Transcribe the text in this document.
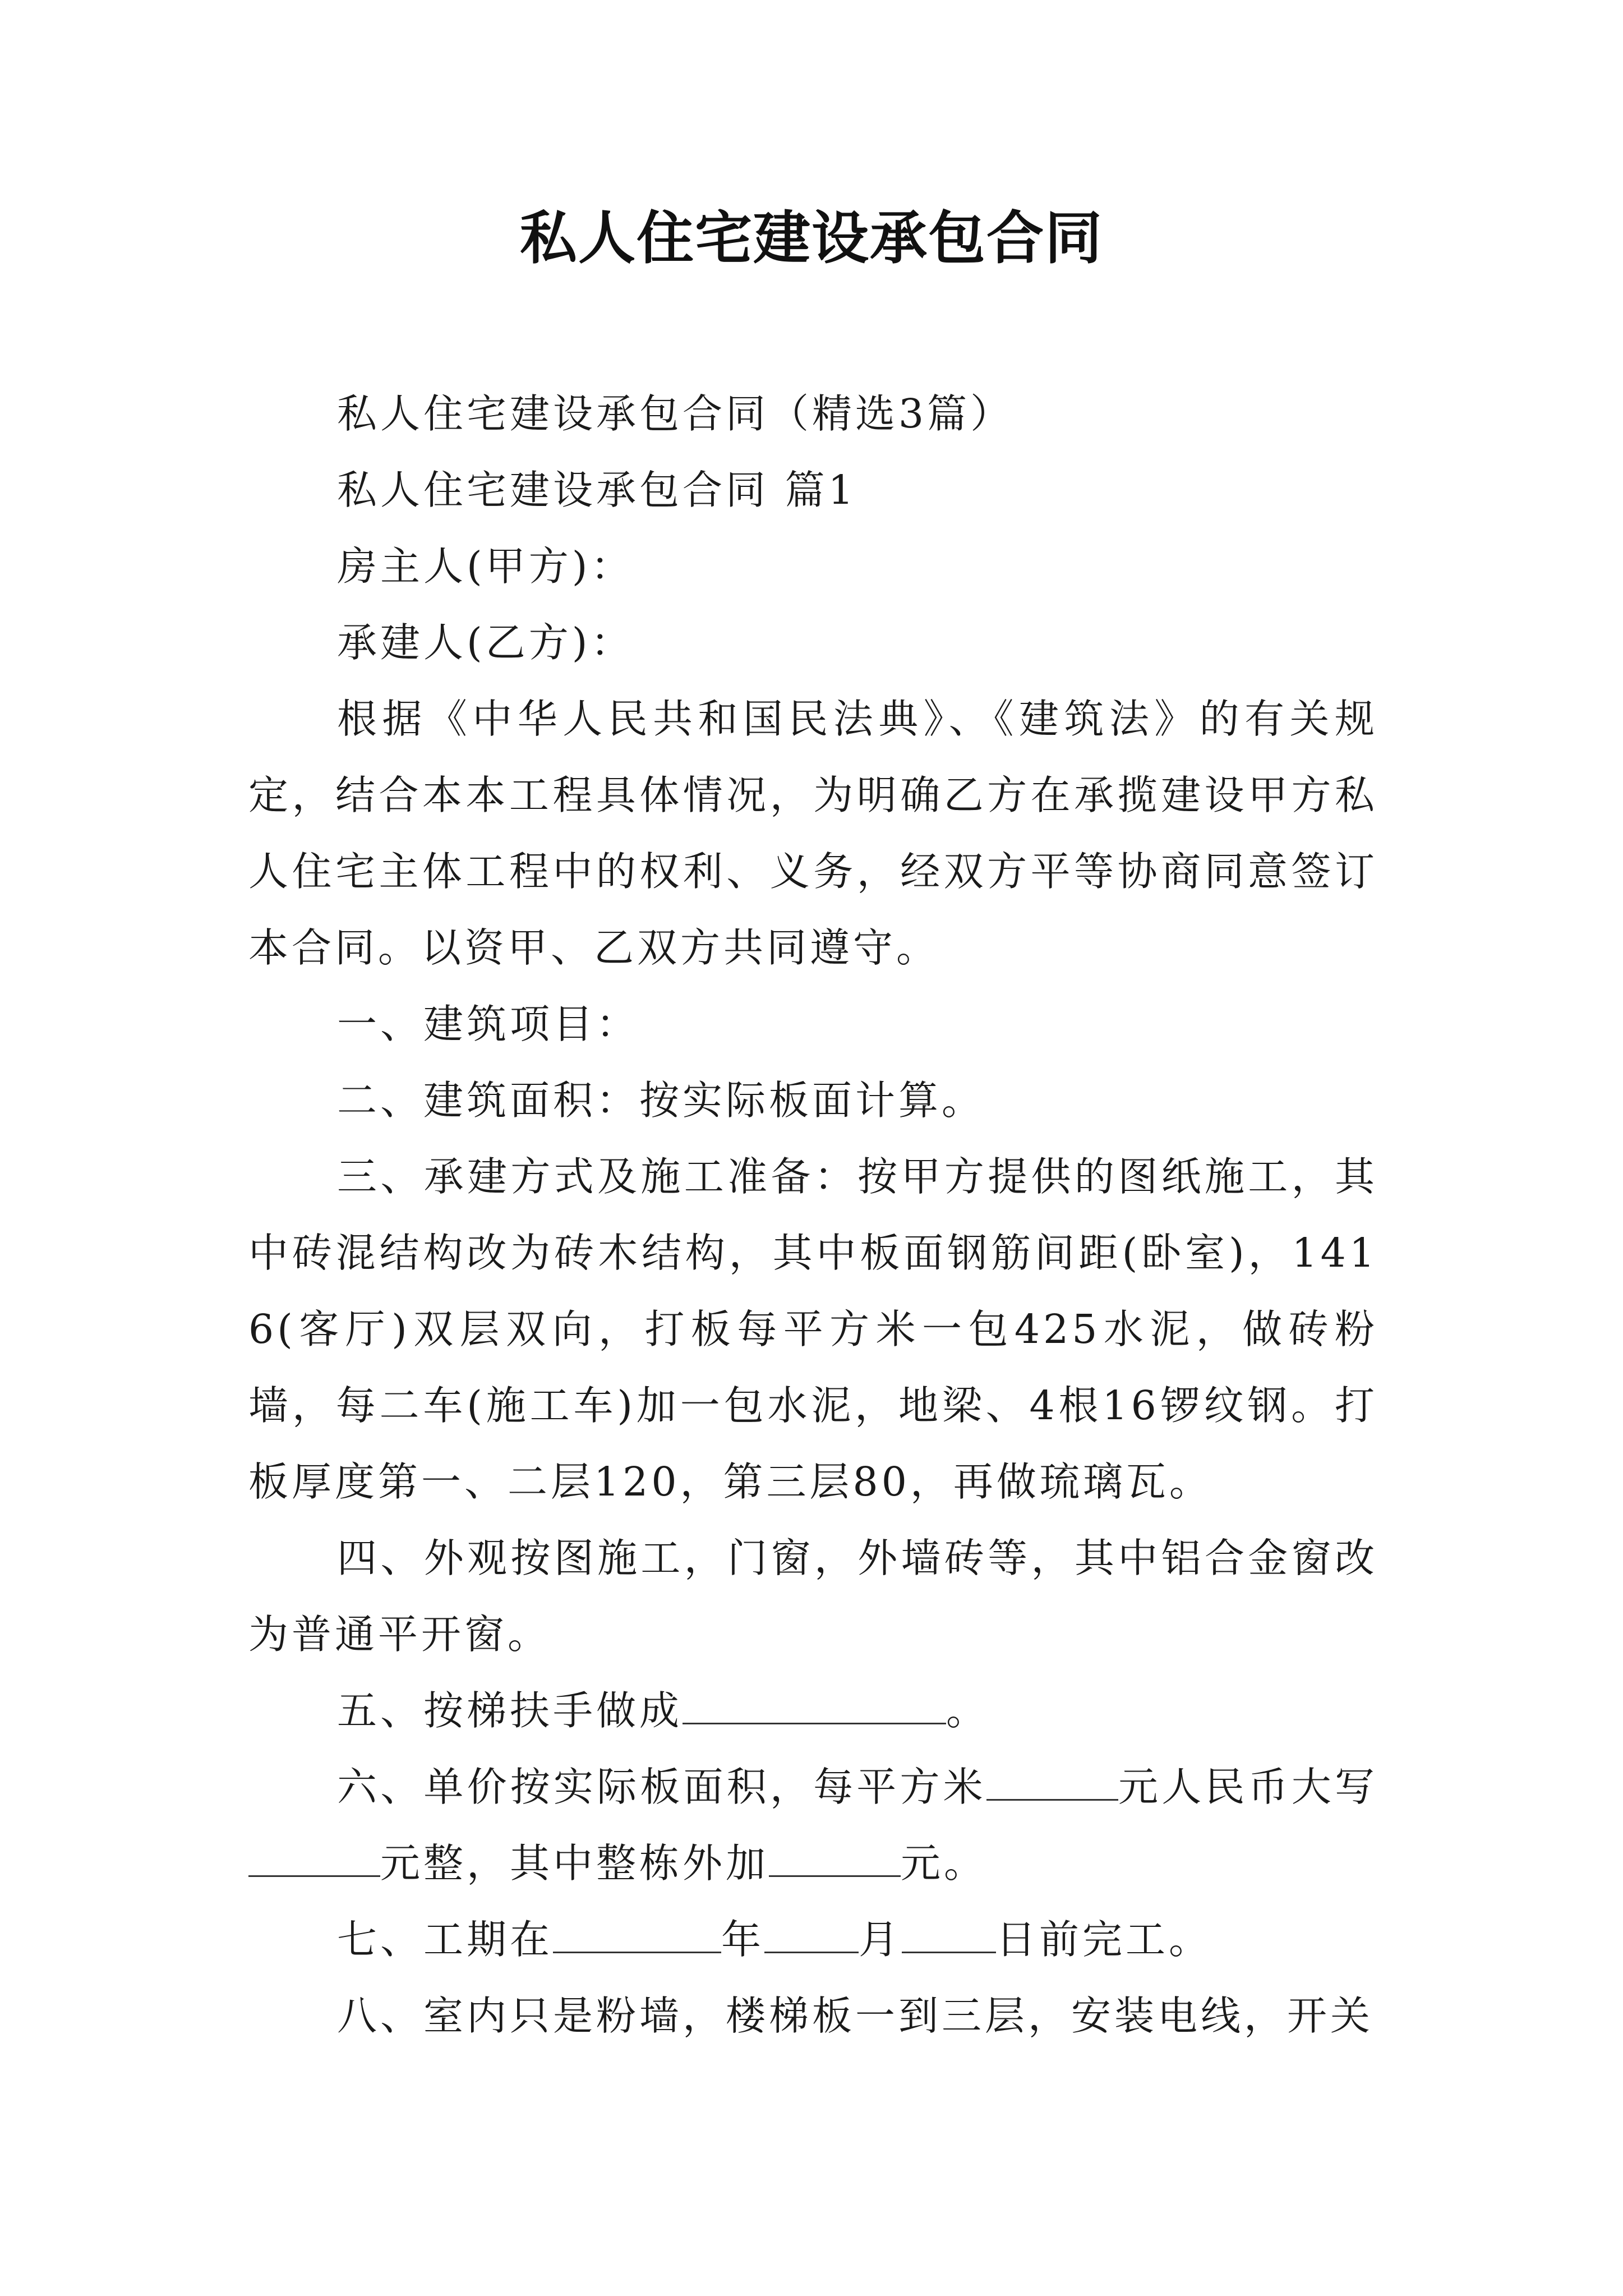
私人住宅建设承包合同

私人住宅建设承包合同（精选3篇）

私人住宅建设承包合同 篇1

房主人(甲方)：

承建人(乙方)：

根据《中华人民共和国民法典》、《建筑法》的有关规定，结合本本工程具体情况，为明确乙方在承揽建设甲方私人住宅主体工程中的权利、义务，经双方平等协商同意签订本合同。以资甲、乙双方共同遵守。

一、建筑项目：

二、建筑面积：按实际板面计算。

三、承建方式及施工准备：按甲方提供的图纸施工，其中砖混结构改为砖木结构，其中板面钢筋间距(卧室)，1416(客厅)双层双向，打板每平方米一包425水泥，做砖粉墙，每二车(施工车)加一包水泥，地梁、4根16锣纹钢。打板厚度第一、二层120，第三层80，再做琉璃瓦。

四、外观按图施工，门窗，外墙砖等，其中铝合金窗改为普通平开窗。

五、按梯扶手做成	。

六、单价按实际板面积，每平方米	元人民币大写元整，其中整栋外加	元。

七、工期在	年 月 日前完工。

八、室内只是粉墙，楼梯板一到三层，安装电线，开关
